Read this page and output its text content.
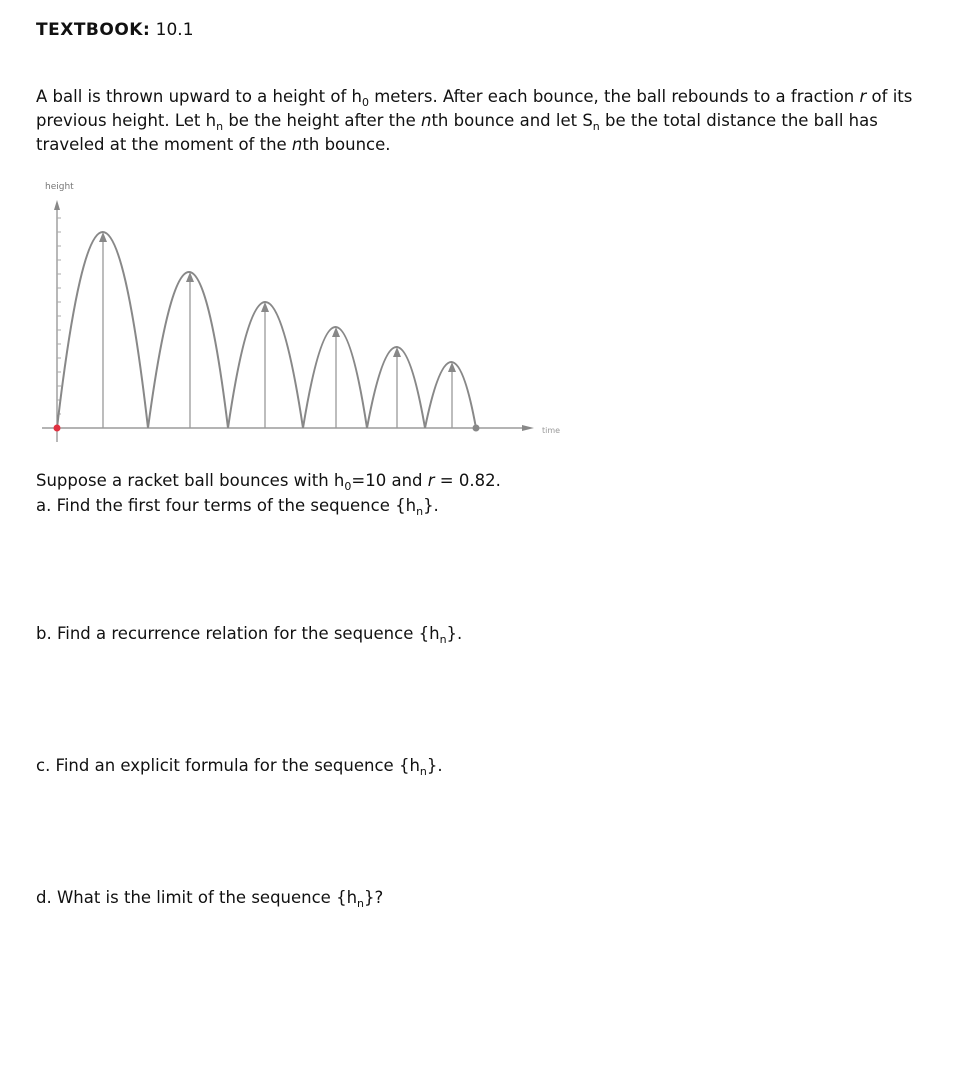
TEXTBOOK: 10.1
A ball is thrown upward to a height of $h_0$ meters. After each bounce, the ball rebounds to a fraction r of its previous height. Let $h_n$ be the height after the nth bounce and let $S_n$ be the total distance the ball has traveled at the moment of the nth bounce.
height
time
Suppose a racket ball bounces with $h_0=10$ and r = 0.82.
a. Find the first four terms of the sequence $\{h_n\}$.
b. Find a recurrence relation for the sequence $\{h_n\}$.
c. Find an explicit formula for the sequence $\{h_n\}$.
d. What is the limit of the sequence $\{h_n\}$?
